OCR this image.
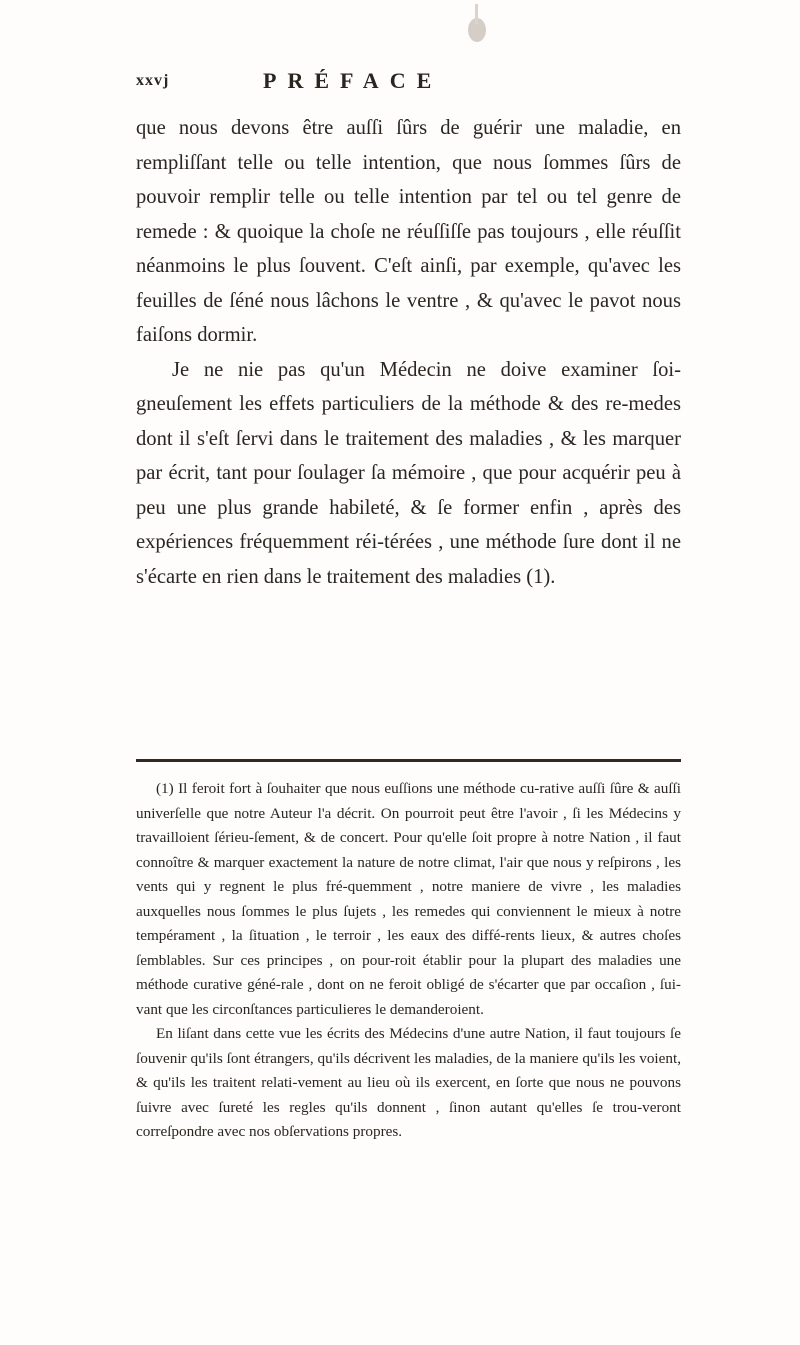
xxvj	PRÉFACE

que nous devons être auſſi ſûrs de guérir une maladie, en rempliſſant telle ou telle intention, que nous ſommes ſûrs de pouvoir remplir telle ou telle intention par tel ou tel genre de remede : & quoique la choſe ne réuſſiſſe pas toujours , elle réuſſit néanmoins le plus ſouvent. C'eſt ainſi, par exemple, qu'avec les feuilles de ſéné nous lâchons le ventre , & qu'avec le pavot nous faiſons dormir.

Je ne nie pas qu'un Médecin ne doive examiner ſoi-gneuſement les effets particuliers de la méthode & des re-medes dont il s'eſt ſervi dans le traitement des maladies , & les marquer par écrit, tant pour ſoulager ſa mémoire , que pour acquérir peu à peu une plus grande habileté, & ſe former enfin , après des expériences fréquemment réi-térées , une méthode ſure dont il ne s'écarte en rien dans le traitement des maladies (1).

(1) Il feroit fort à ſouhaiter que nous euſſions une méthode cu-rative auſſi ſûre & auſſi univerſelle que notre Auteur l'a décrit. On pourroit peut être l'avoir , ſi les Médecins y travailloient ſérieu-ſement, & de concert. Pour qu'elle ſoit propre à notre Nation , il faut connoître & marquer exactement la nature de notre climat, l'air que nous y reſpirons , les vents qui y regnent le plus fré-quemment , notre maniere de vivre , les maladies auxquelles nous ſommes le plus ſujets , les remedes qui conviennent le mieux à notre tempérament , la ſituation , le terroir , les eaux des diffé-rents lieux, & autres choſes ſemblables. Sur ces principes , on pour-roit établir pour la plupart des maladies une méthode curative géné-rale , dont on ne feroit obligé de s'écarter que par occaſion , ſui-vant que les circonſtances particulieres le demanderoient.

En liſant dans cette vue les écrits des Médecins d'une autre Nation, il faut toujours ſe ſouvenir qu'ils ſont étrangers, qu'ils décrivent les maladies, de la maniere qu'ils les voient, & qu'ils les traitent relati-vement au lieu où ils exercent, en ſorte que nous ne pouvons ſuivre avec ſureté les regles qu'ils donnent , ſinon autant qu'elles ſe trou-veront correſpondre avec nos obſervations propres.
